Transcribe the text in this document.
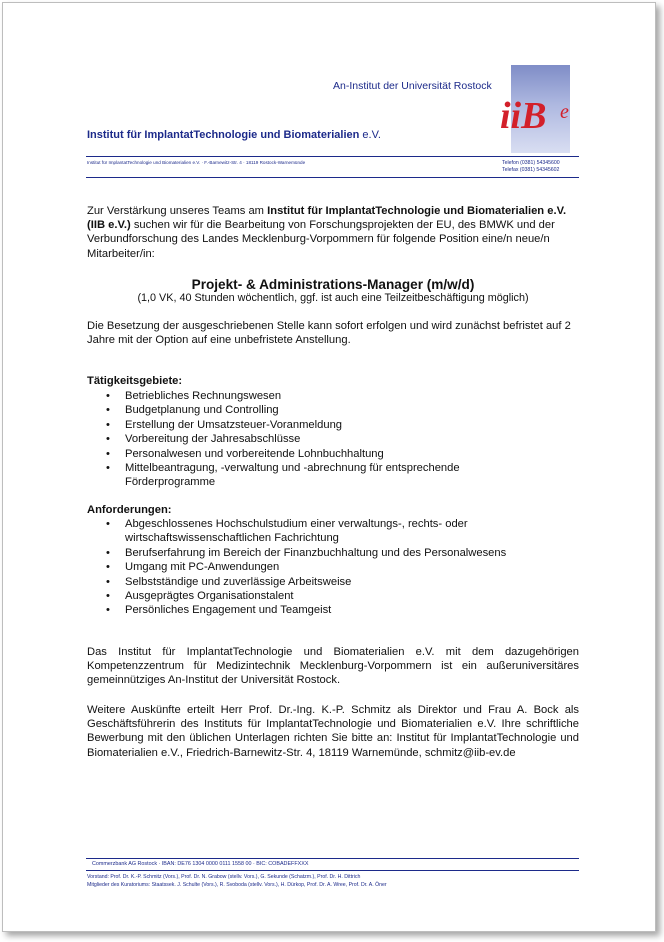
An-Institut der Universität Rostock
iiB e
Institut für ImplantatTechnologie und Biomaterialien e.V.
Institut für ImplantatTechnologie und Biomaterialien e.V. · F.-Barnewitz-Str. 4 · 18119 Rostock-Warnemünde	Telefon (0381) 54345600
Telefax (0381) 54345602
Zur Verstärkung unseres Teams am Institut für ImplantatTechnologie und Biomaterialien e.V. (IIB e.V.) suchen wir für die Bearbeitung von Forschungsprojekten der EU, des BMWK und der Verbundforschung des Landes Mecklenburg-Vorpommern für folgende Position eine/n neue/n Mitarbeiter/in:
Projekt- & Administrations-Manager (m/w/d)
(1,0 VK, 40 Stunden wöchentlich, ggf. ist auch eine Teilzeitbeschäftigung möglich)
Die Besetzung der ausgeschriebenen Stelle kann sofort erfolgen und wird zunächst befristet auf 2 Jahre mit der Option auf eine unbefristete Anstellung.
Tätigkeitsgebiete:
• Betriebliches Rechnungswesen
• Budgetplanung und Controlling
• Erstellung der Umsatzsteuer-Voranmeldung
• Vorbereitung der Jahresabschlüsse
• Personalwesen und vorbereitende Lohnbuchhaltung
• Mittelbeantragung, -verwaltung und -abrechnung für entsprechende Förderprogramme
Anforderungen:
• Abgeschlossenes Hochschulstudium einer verwaltungs-, rechts- oder wirtschaftswissenschaftlichen Fachrichtung
• Berufserfahrung im Bereich der Finanzbuchhaltung und des Personalwesens
• Umgang mit PC-Anwendungen
• Selbstständige und zuverlässige Arbeitsweise
• Ausgeprägtes Organisationstalent
• Persönliches Engagement und Teamgeist
Das Institut für ImplantatTechnologie und Biomaterialien e.V. mit dem dazugehörigen Kompetenzzentrum für Medizintechnik Mecklenburg-Vorpommern ist ein außeruniversitäres gemeinnütziges An-Institut der Universität Rostock.
Weitere Auskünfte erteilt Herr Prof. Dr.-Ing. K.-P. Schmitz als Direktor und Frau A. Bock als Geschäftsführerin des Instituts für ImplantatTechnologie und Biomaterialien e.V. Ihre schriftliche Bewerbung mit den üblichen Unterlagen richten Sie bitte an: Institut für ImplantatTechnologie und Biomaterialien e.V., Friedrich-Barnewitz-Str. 4, 18119 Warnemünde, schmitz@iib-ev.de
Commerzbank AG Rostock · IBAN: DE76 1304 0000 0111 1558 00 · BIC: COBADEFFXXX
Vorstand: Prof. Dr. K.-P. Schmitz (Vors.), Prof. Dr. N. Grabow (stellv. Vors.), G. Sekunde (Schatzm.), Prof. Dr. H. Dittrich
Mitglieder des Kuratoriums: Staatssek. J. Schulte (Vors.), R. Svoboda (stellv. Vors.), H. Dürkop, Prof. Dr. A. Wree, Prof. Dr. A. Öner
